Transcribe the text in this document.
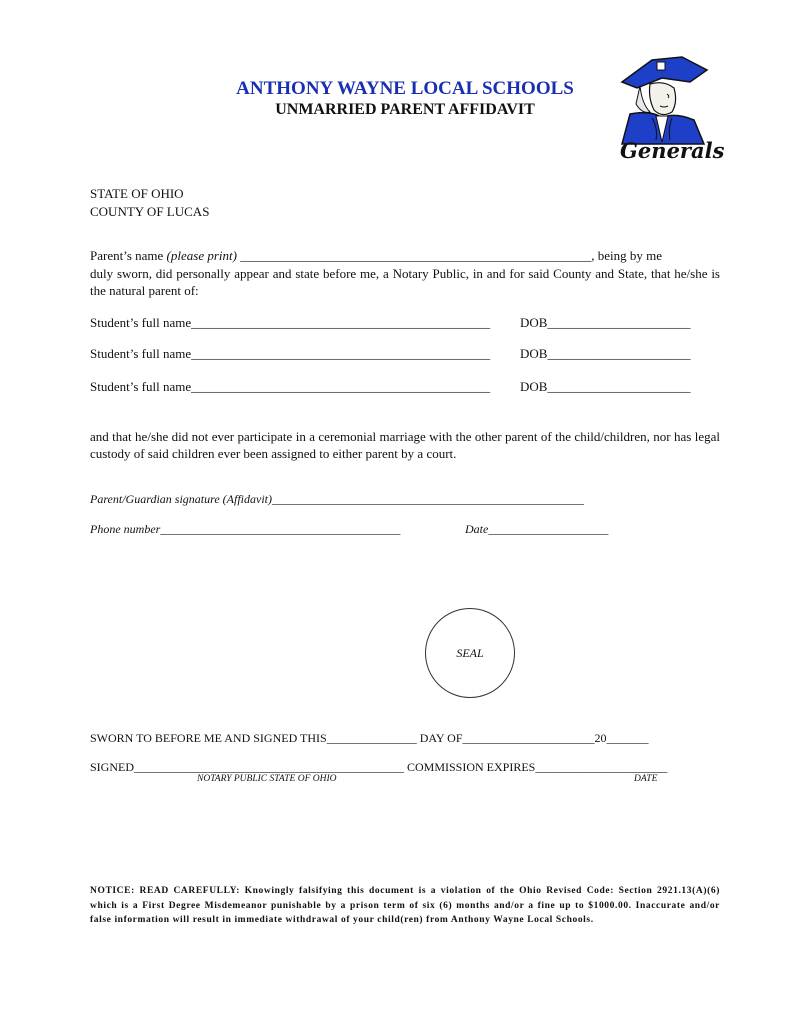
ANTHONY WAYNE LOCAL SCHOOLS
UNMARRIED PARENT AFFIDAVIT
Generals
STATE OF OHIO
COUNTY OF LUCAS
Parent’s name (please print) ______________________________________________________, being by me
duly sworn, did personally appear and state before me, a Notary Public, in and for said County and State, that he/she is the natural parent of:
Student’s full name______________________________________________ DOB______________________
Student’s full name______________________________________________ DOB______________________
Student’s full name______________________________________________ DOB______________________
and that he/she did not ever participate in a ceremonial marriage with the other parent of the child/children, nor has legal custody of said children ever been assigned to either parent by a court.
Parent/Guardian signature (Affidavit)____________________________________________________
Phone number________________________________________	Date____________________
SEAL
SWORN TO BEFORE ME AND SIGNED THIS_______________ DAY OF______________________20_______
SIGNED_____________________________________________ COMMISSION EXPIRES______________________
NOTARY PUBLIC STATE OF OHIO	DATE
NOTICE: READ CAREFULLY: Knowingly falsifying this document is a violation of the Ohio Revised Code: Section 2921.13(A)(6) which is a First Degree Misdemeanor punishable by a prison term of six (6) months and/or a fine up to $1000.00. Inaccurate and/or false information will result in immediate withdrawal of your child(ren) from Anthony Wayne Local Schools.
